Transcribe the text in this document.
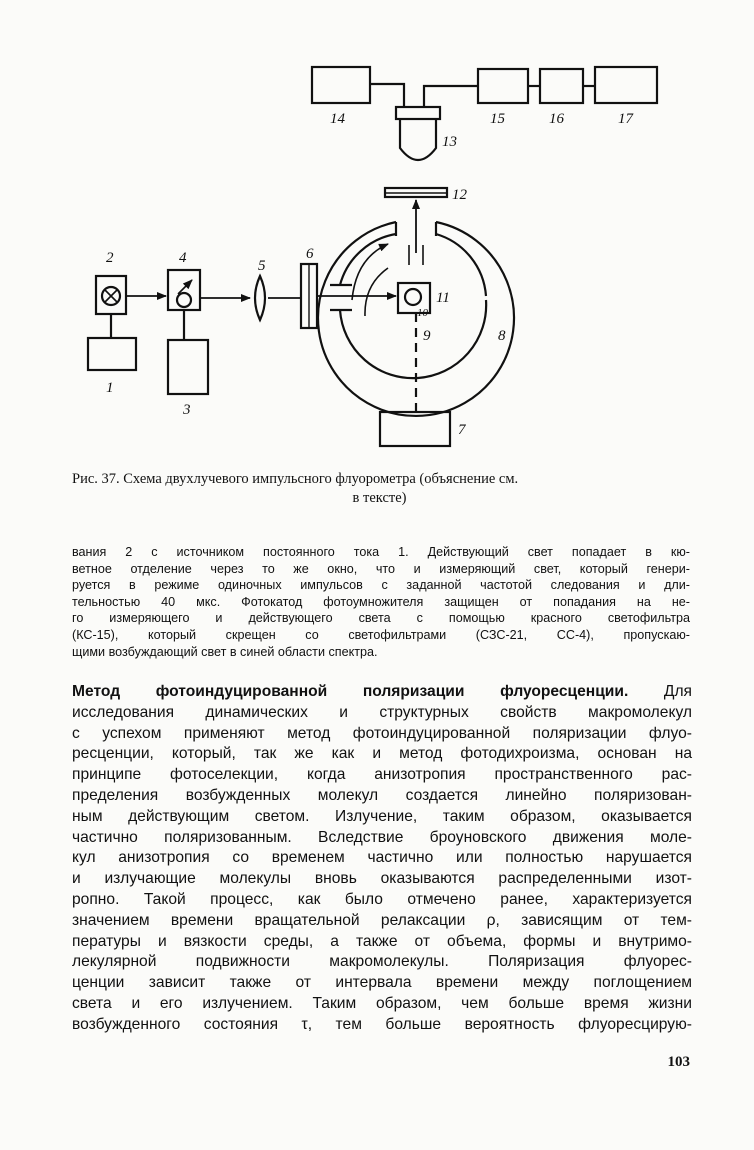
14	15	16	17
13
12
2	4	5
6
11
10
9	8
1
3
7
Рис. 37. Схема двухлучевого импульсного флуорометра (объяснение см.
в тексте)
вания 2 с источником постоянного тока 1. Действующий свет попадает в кю-
ветное отделение через то же окно, что и измеряющий свет, который генери-
руется в режиме одиночных импульсов с заданной частотой следования и дли-
тельностью 40 мкс. Фотокатод фотоумножителя защищен от попадания на не-
го измеряющего и действующего света с помощью красного светофильтра
(КС-15), который скрещен со светофильтрами (СЗС-21, СС-4), пропускаю-
щими возбуждающий свет в синей области спектра.
Метод фотоиндуцированной поляризации флуоресценции. Для
исследования динамических и структурных свойств макромолекул
с успехом применяют метод фотоиндуцированной поляризации флуо-
ресценции, который, так же как и метод фотодихроизма, основан на
принципе фотоселекции, когда анизотропия пространственного рас-
пределения возбужденных молекул создается линейно поляризован-
ным действующим светом. Излучение, таким образом, оказывается
частично поляризованным. Вследствие броуновского движения моле-
кул анизотропия со временем частично или полностью нарушается
и излучающие молекулы вновь оказываются распределенными изот-
ропно. Такой процесс, как было отмечено ранее, характеризуется
значением времени вращательной релаксации ρ, зависящим от тем-
пературы и вязкости среды, а также от объема, формы и внутримо-
лекулярной подвижности макромолекулы. Поляризация флуорес-
ценции зависит также от интервала времени между поглощением
света и его излучением. Таким образом, чем больше время жизни
возбужденного состояния τ, тем больше вероятность флуоресцирую-
103
